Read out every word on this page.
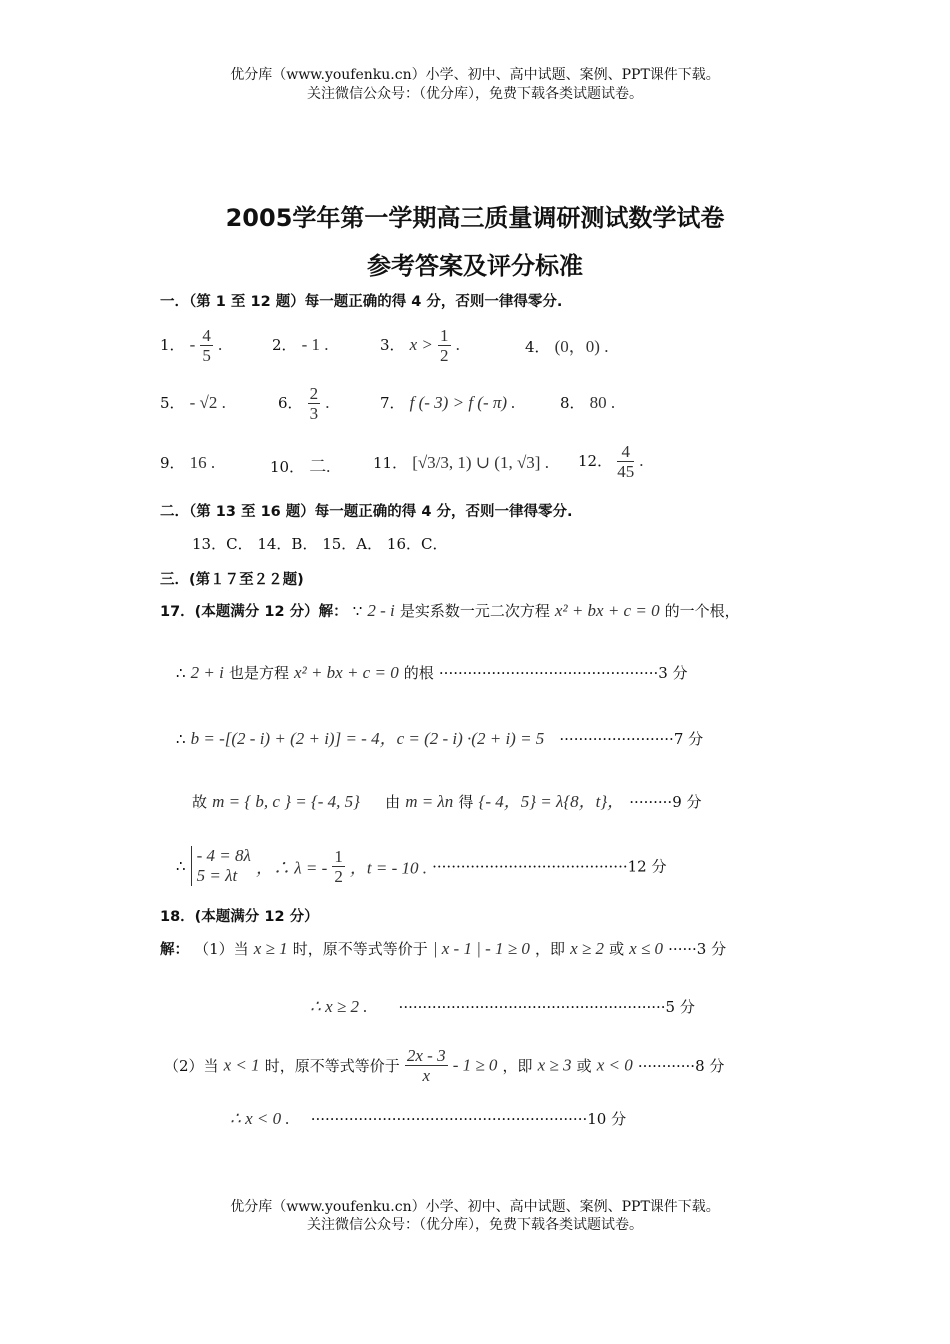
优分库（www.youfenku.cn）小学、初中、高中试题、案例、PPT课件下载。
关注微信公众号：（优分库），免费下载各类试题试卷。
2005学年第一学期高三质量调研测试数学试卷
参考答案及评分标准
一．（第 1 至 12 题）每一题正确的得 4 分，否则一律得零分.
1． - $\frac{4}{5}$ .	2． - 1 .	3． $x > \frac{1}{2}$ .	4． (0，0) .
5． - √2 .	6． $\frac{2}{3}$ .	7． f (- 3) > f (- π) .	8． 80 .
9． 16 .	10． 二.	11． [√3/3, 1) ∪ (1, √3] . 12． $\frac{4}{45}$ .
二．（第 13 至 16 题）每一题正确的得 4 分，否则一律得零分.
13．C． 14．B． 15．A． 16．C．
三．(第１７至２２题)
17．(本题满分 12 分）解： ∵ 2 - i 是实系数一元二次方程 x² + bx + c = 0 的一个根，
∴ 2 + i 也是方程 x² + bx + c = 0 的根 ··············································3 分
∴ b = -[(2 - i) + (2 + i)] = - 4，c = (2 - i) ·(2 + i) = 5 ························7 分
故 m = { b, c } = {- 4, 5} 由 m = λn 得 {- 4，5} = λ{8，t}， ·········9 分
∴
- 4 = 8λ
5 = λt	，∴ λ = - $\frac{1}{2}$ ，t = - 10 . ·········································12 分
18．(本题满分 12 分）
解： （1）当 x ≥ 1 时，原不等式等价于 | x - 1 | - 1 ≥ 0 ，即 x ≥ 2 或 x ≤ 0 ······3 分
∴ x ≥ 2 . ························································5 分
（2）当 x < 1 时，原不等式等价于 $\frac{2x - 3}{x} - 1 \ge 0$ ，即 x ≥ 3 或 x < 0 ············8 分
∴ x < 0 . ··························································10 分
优分库（www.youfenku.cn）小学、初中、高中试题、案例、PPT课件下载。
关注微信公众号：（优分库），免费下载各类试题试卷。
